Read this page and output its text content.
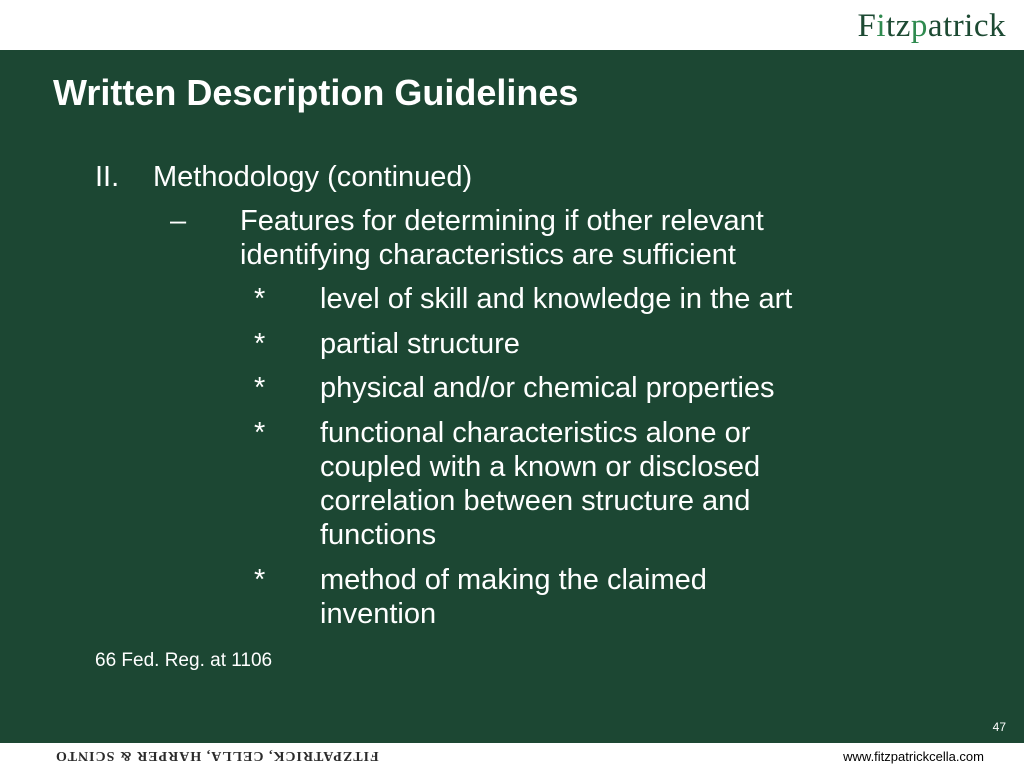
Fitzpatrick
Written Description Guidelines
II. Methodology (continued)
– Features for determining if other relevant
identifying characteristics are sufficient
* level of skill and knowledge in the art
* partial structure
* physical and/or chemical properties
* functional characteristics alone or
coupled with a known or disclosed
correlation between structure and
functions
* method of making the claimed
invention
66 Fed. Reg. at 1106
47
FITZPATRICK, CELLA, HARPER & SCINTO	www.fitzpatrickcella.com
